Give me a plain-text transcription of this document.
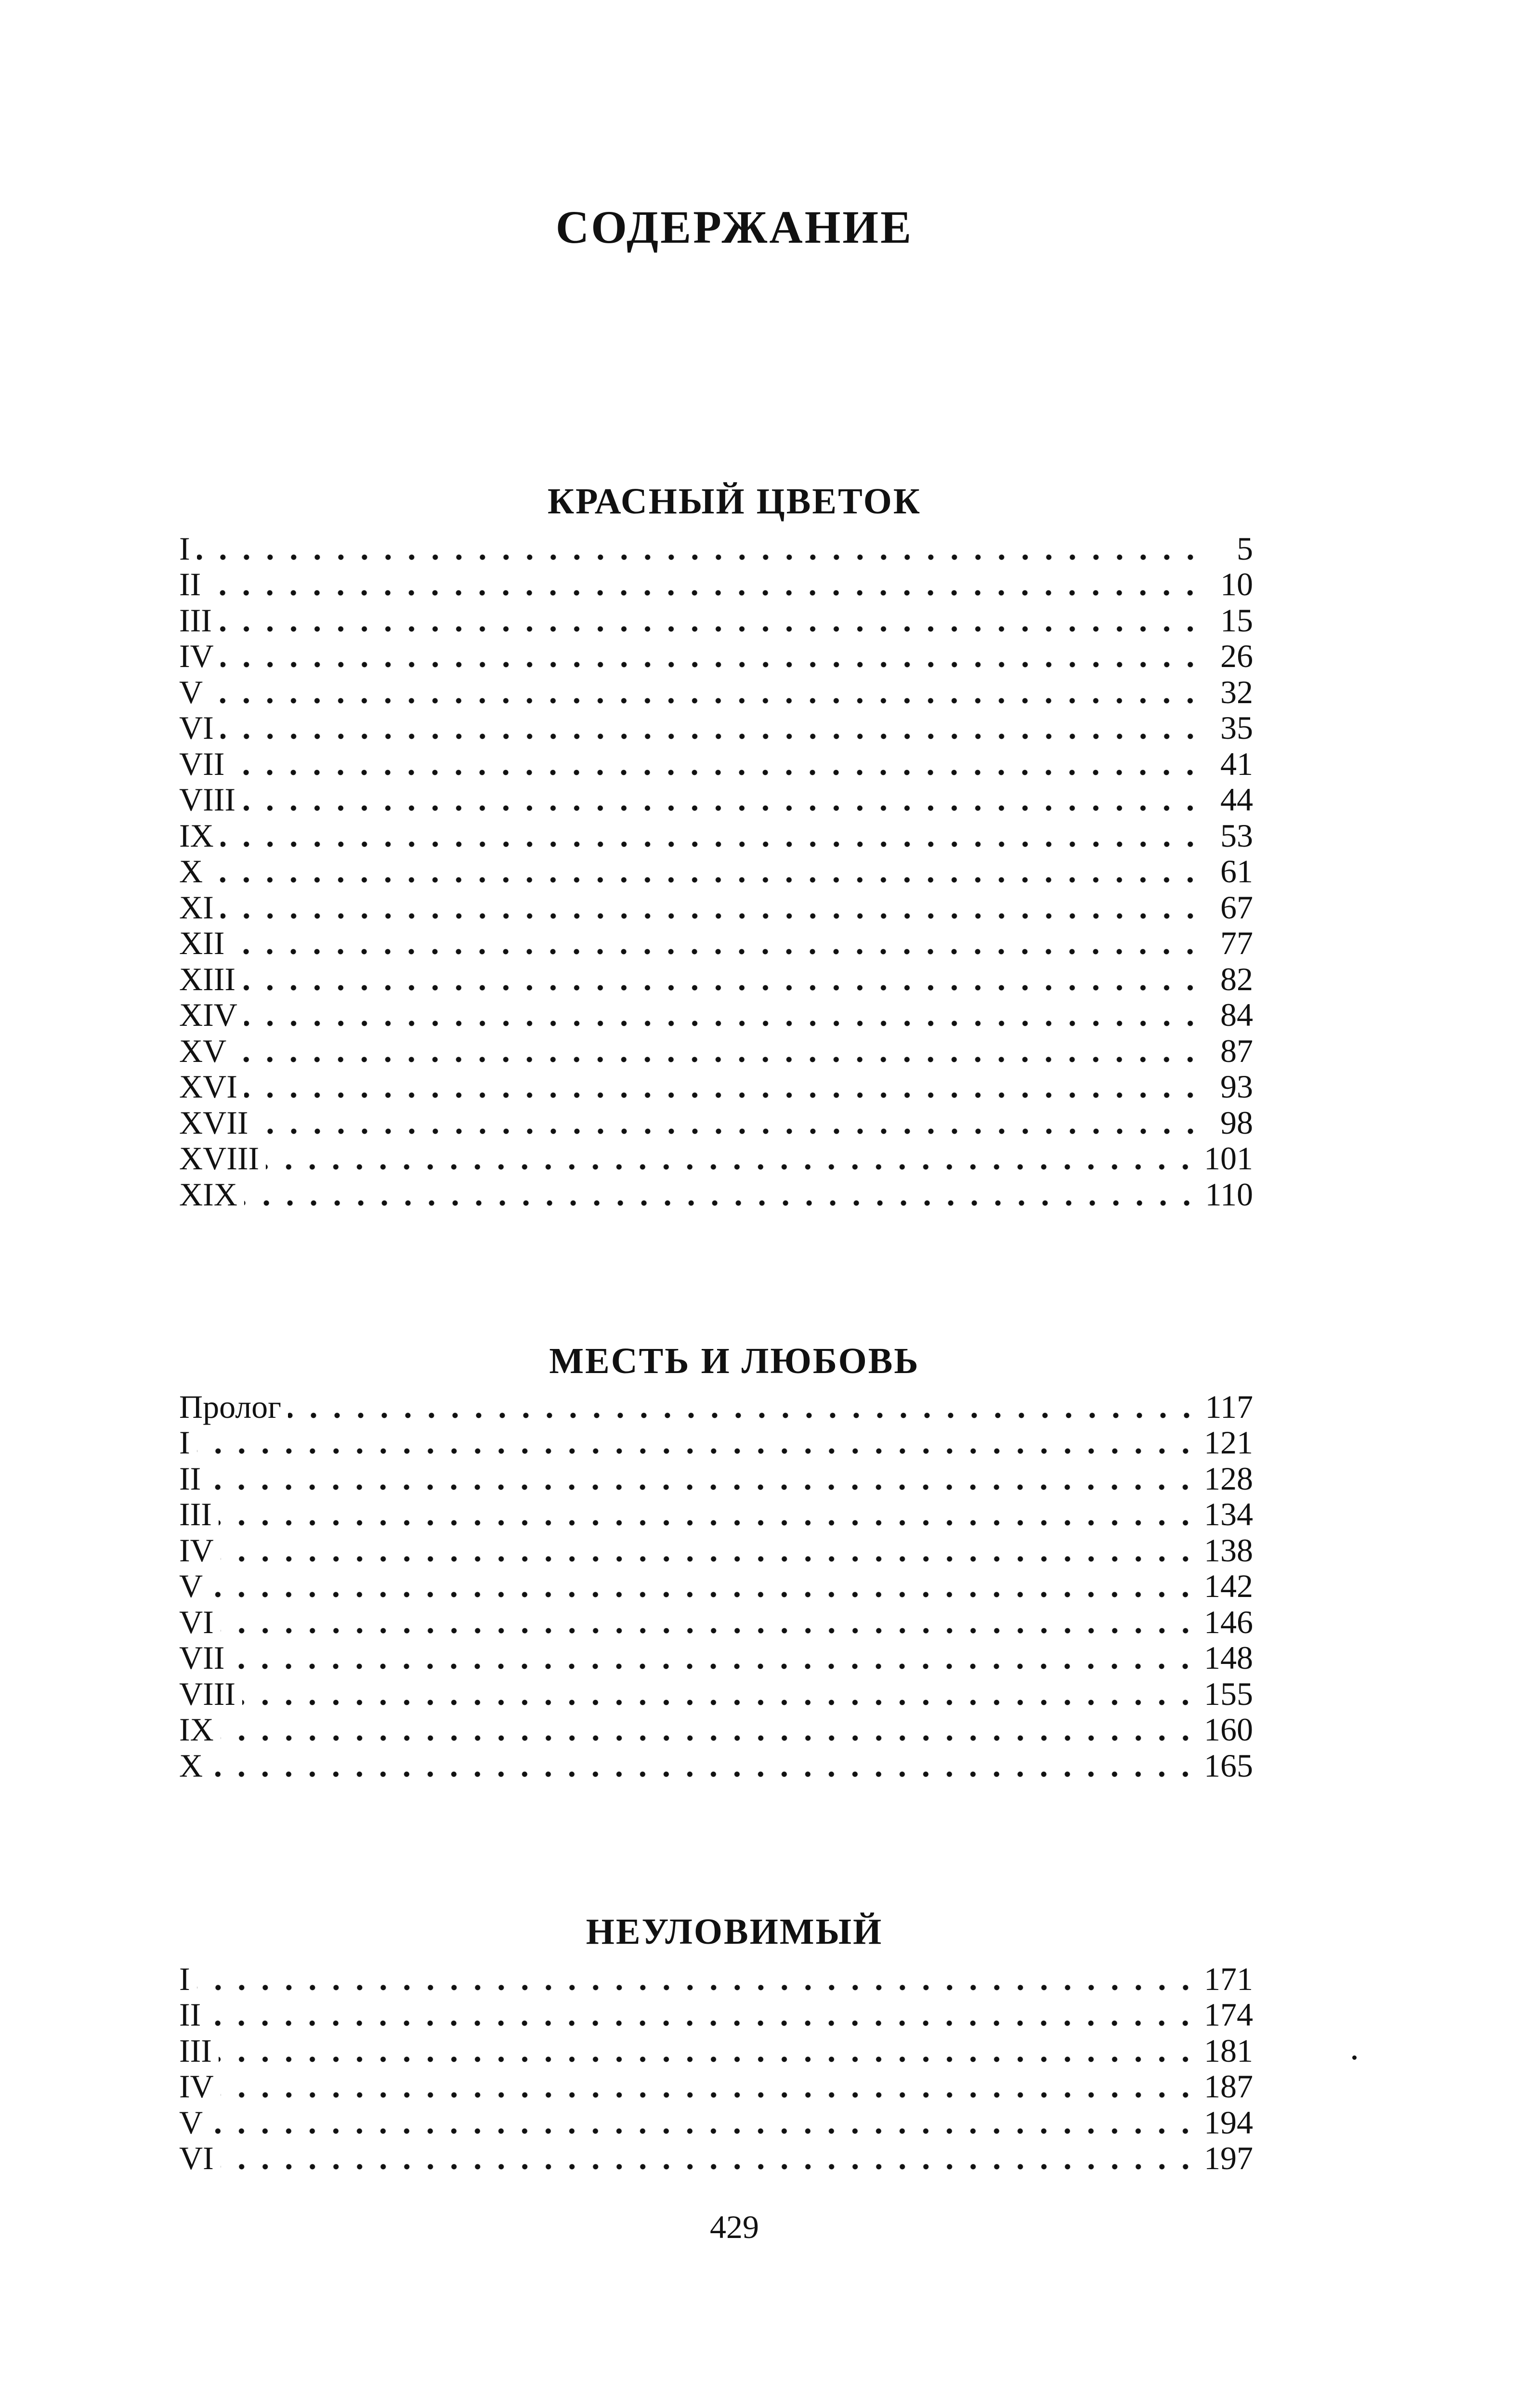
СОДЕРЖАНИЕ
КРАСНЫЙ ЦВЕТОК
I	5
II	10
III	15
IV	26
V	32
VI	35
VII	41
VIII	44
IX	53
X	61
XI	67
XII	77
XIII	82
XIV	84
XV	87
XVI	93
XVII	98
XVIII	101
XIX	110
МЕСТЬ И ЛЮБОВЬ
Пролог	117
I	121
II	128
III	134
IV	138
V	142
VI	146
VII	148
VIII	155
IX	160
X	165
НЕУЛОВИМЫЙ
I	171
II	174
III	181
IV	187
V	194
VI	197
429
